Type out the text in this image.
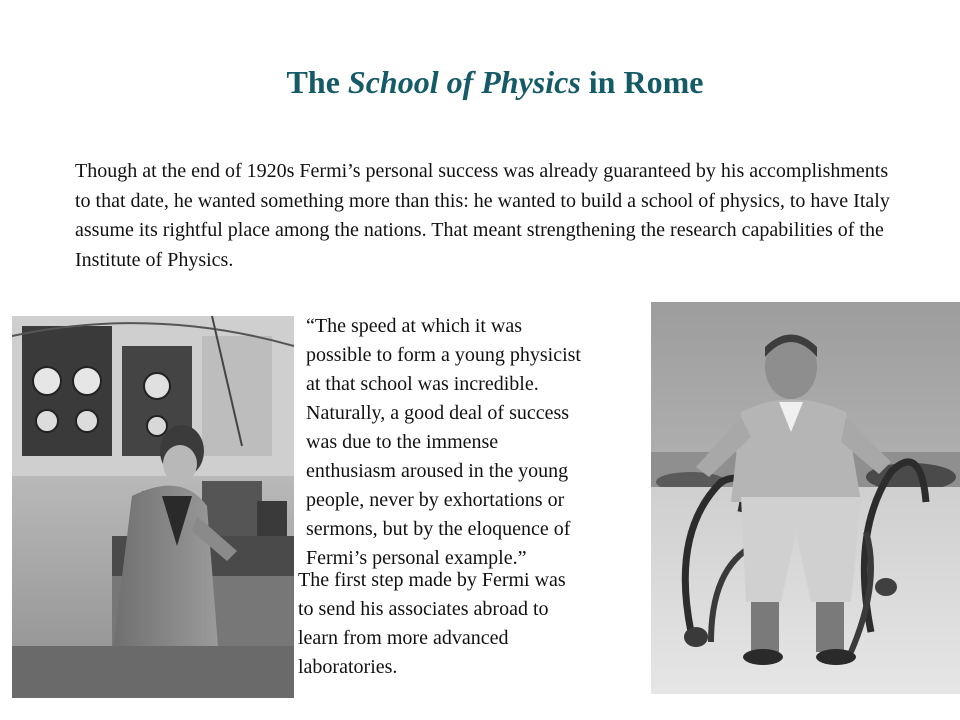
The School of Physics in Rome
Though at the end of 1920s Fermi’s personal success was already guaranteed by his accomplishments to that date, he wanted something more than this: he wanted to build a school of physics, to have Italy assume its rightful place among the nations. That meant strengthening the research capabilities of the Institute of Physics.
“The speed at which it was
possible to form a young physicist
at that school was incredible.
Naturally, a good deal of success
was due to the immense
enthusiasm aroused in the young
people, never by exhortations or
sermons, but by the eloquence of
Fermi’s personal example.”
The first step made by Fermi was
to send his associates abroad to
learn from more advanced
laboratories.
